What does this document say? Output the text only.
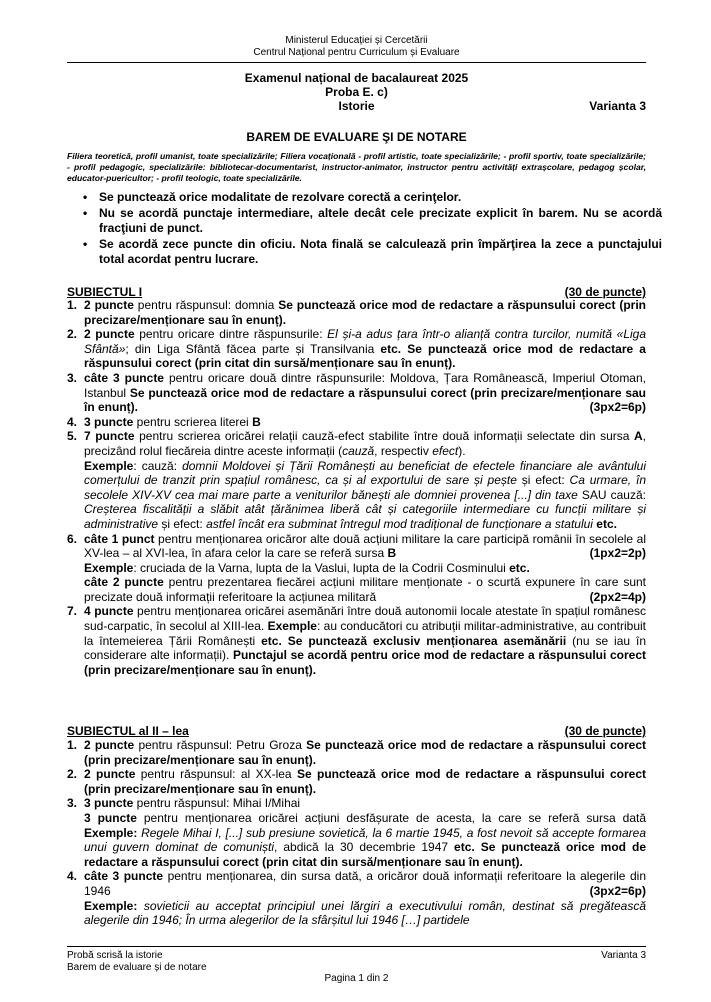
Ministerul Educației și Cercetării
Centrul Național pentru Curriculum și Evaluare
Examenul național de bacalaureat 2025
Proba E. c)
Istorie	Varianta 3
BAREM DE EVALUARE ŞI DE NOTARE
Filiera teoretică, profil umanist, toate specializările; Filiera vocațională - profil artistic, toate specializările; - profil sportiv, toate specializările; - profil pedagogic, specializările: bibliotecar-documentarist, instructor-animator, instructor pentru activități extrașcolare, pedagog școlar, educator-puericultor; - profil teologic, toate specializările.
• Se punctează orice modalitate de rezolvare corectă a cerinţelor.
• Nu se acordă punctaje intermediare, altele decât cele precizate explicit în barem. Nu se acordă fracţiuni de punct.
• Se acordă zece puncte din oficiu. Nota finală se calculează prin împărţirea la zece a punctajului total acordat pentru lucrare.
SUBIECTUL I	(30 de puncte)
1. 2 puncte pentru răspunsul: domnia Se punctează orice mod de redactare a răspunsului corect (prin precizare/menționare sau în enunț).
2. 2 puncte pentru oricare dintre răspunsurile: El și-a adus țara într-o alianță contra turcilor, numită «Liga Sfântă»; din Liga Sfântă făcea parte și Transilvania etc. Se punctează orice mod de redactare a răspunsului corect (prin citat din sursă/menționare sau în enunț).
3. câte 3 puncte pentru oricare două dintre răspunsurile: Moldova, Țara Românească, Imperiul Otoman, Istanbul Se punctează orice mod de redactare a răspunsului corect (prin precizare/menționare sau în enunț).	(3px2=6p)
4. 3 puncte pentru scrierea literei B
5. 7 puncte pentru scrierea oricărei relații cauză-efect stabilite între două informații selectate din sursa A, precizând rolul fiecăreia dintre aceste informații (cauză, respectiv efect).
Exemple: cauză: domnii Moldovei și Țării Românești au beneficiat de efectele financiare ale avântului comerțului de tranzit prin spațiul românesc, ca și al exportului de sare și pește și efect: Ca urmare, în secolele XIV-XV cea mai mare parte a veniturilor bănești ale domniei provenea [...] din taxe SAU cauză: Creșterea fiscalității a slăbit atât țărănimea liberă cât și categoriile intermediare cu funcții militare și administrative și efect: astfel încât era subminat întregul mod tradițional de funcționare a statului etc.
6. câte 1 punct pentru menționarea oricăror alte două acțiuni militare la care participă românii în secolele al XV-lea – al XVI-lea, în afara celor la care se referă sursa B	(1px2=2p)

Exemple: cruciada de la Varna, lupta de la Vaslui, lupta de la Codrii Cosminului etc.
câte 2 puncte pentru prezentarea fiecărei acțiuni militare menționate - o scurtă expunere în care sunt precizate două informații referitoare la acțiunea militară	(2px2=4p)
7. 4 puncte pentru menționarea oricărei asemănări între două autonomii locale atestate în spațiul românesc sud-carpatic, în secolul al XIII-lea. Exemple: au conducători cu atribuții militar-administrative, au contribuit la întemeierea Țării Românești etc. Se punctează exclusiv menționarea asemănării (nu se iau în considerare alte informații). Punctajul se acordă pentru orice mod de redactare a răspunsului corect (prin precizare/menționare sau în enunț).
SUBIECTUL al II – lea	(30 de puncte)
1. 2 puncte pentru răspunsul: Petru Groza Se punctează orice mod de redactare a răspunsului corect (prin precizare/menționare sau în enunț).
2. 2 puncte pentru răspunsul: al XX-lea Se punctează orice mod de redactare a răspunsului corect (prin precizare/menționare sau în enunț).
3. 3 puncte pentru răspunsul: Mihai I/Mihai
3 puncte pentru menționarea oricărei acțiuni desfășurate de acesta, la care se referă sursa dată Exemple: Regele Mihai I, [...] sub presiune sovietică, la 6 martie 1945, a fost nevoit să accepte formarea unui guvern dominat de comuniști, abdică la 30 decembrie 1947 etc. Se punctează orice mod de redactare a răspunsului corect (prin citat din sursă/menționare sau în enunț).
4. câte 3 puncte pentru menționarea, din sursa dată, a oricăror două informații referitoare la alegerile din 1946	(3px2=6p)

Exemple: sovieticii au acceptat principiul unei lărgiri a executivului român, destinat să pregătească alegerile din 1946; În urma alegerilor de la sfârșitul lui 1946 […] partidele
Probă scrisă la istorie
Barem de evaluare și de notare
Varianta 3
Pagina 1 din 2
